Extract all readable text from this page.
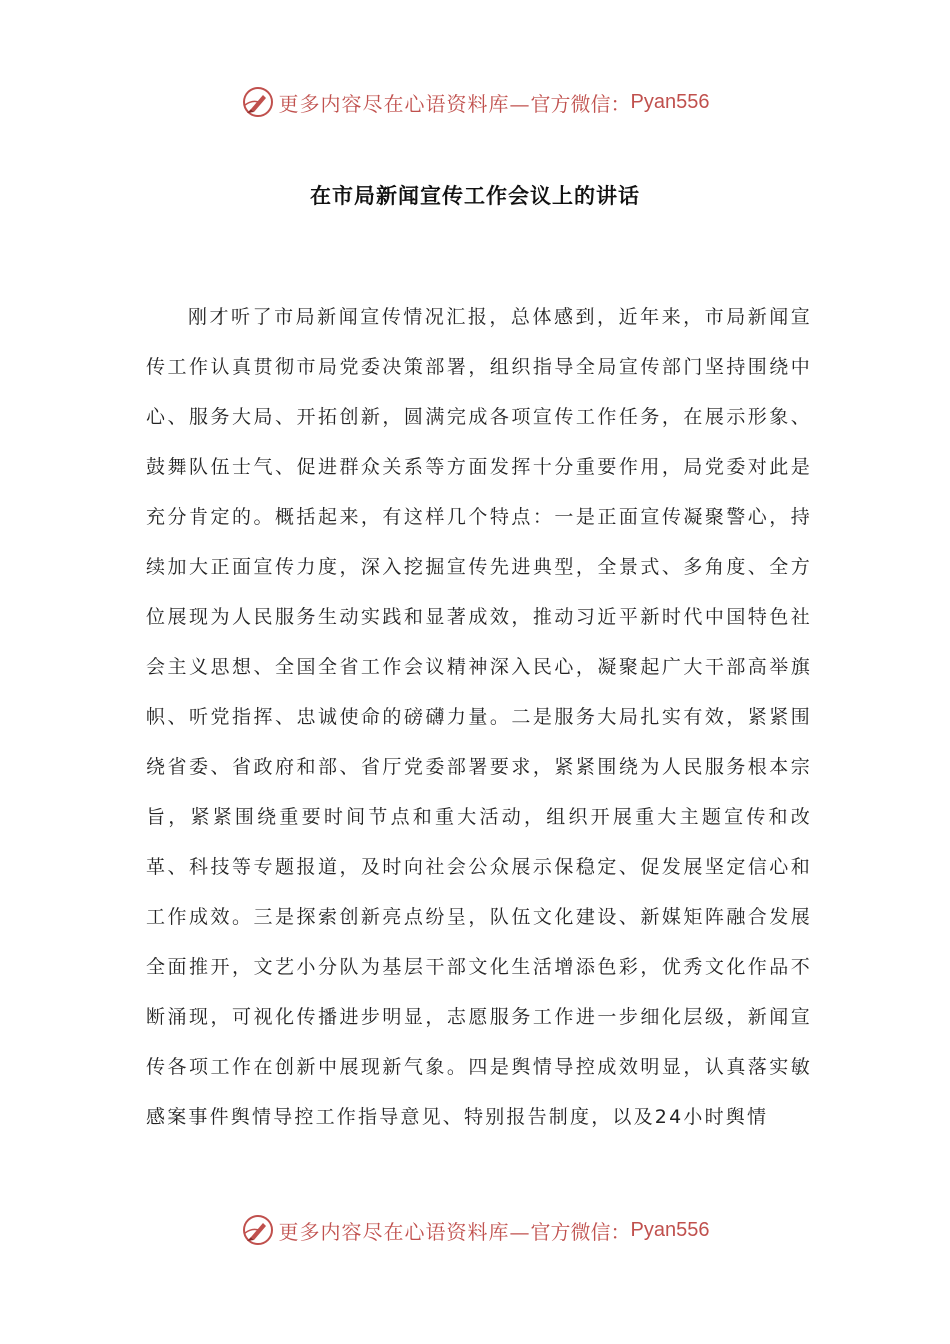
更多内容尽在心语资料库— 官方微信： Pyan556
在市局新闻宣传工作会议上的讲话

刚才听了市局新闻宣传情况汇报，总体感到，近年来，市局新闻宣传工作认真贯彻市局党委决策部署，组织指导全局宣传部门坚持围绕中心、服务大局、开拓创新，圆满完成各项宣传工作任务，在展示形象、鼓舞队伍士气、促进群众关系等方面发挥十分重要作用，局党委对此是充分肯定的。概括起来，有这样几个特点：一是正面宣传凝聚警心，持续加大正面宣传力度，深入挖掘宣传先进典型，全景式、多角度、全方位展现为人民服务生动实践和显著成效，推动习近平新时代中国特色社会主义思想、全国全省工作会议精神深入民心，凝聚起广大干部高举旗帜、听党指挥、忠诚使命的磅礴力量。二是服务大局扎实有效，紧紧围绕省委、省政府和部、省厅党委部署要求，紧紧围绕为人民服务根本宗旨，紧紧围绕重要时间节点和重大活动，组织开展重大主题宣传和改革、科技等专题报道，及时向社会公众展示保稳定、促发展坚定信心和工作成效。三是探索创新亮点纷呈，队伍文化建设、新媒矩阵融合发展全面推开，文艺小分队为基层干部文化生活增添色彩，优秀文化作品不断涌现，可视化传播进步明显，志愿服务工作进一步细化层级，新闻宣传各项工作在创新中展现新气象。四是舆情导控成效明显，认真落实敏感案事件舆情导控工作指导意见、特别报告制度，以及24小时舆情

更多内容尽在心语资料库— 官方微信： Pyan556
